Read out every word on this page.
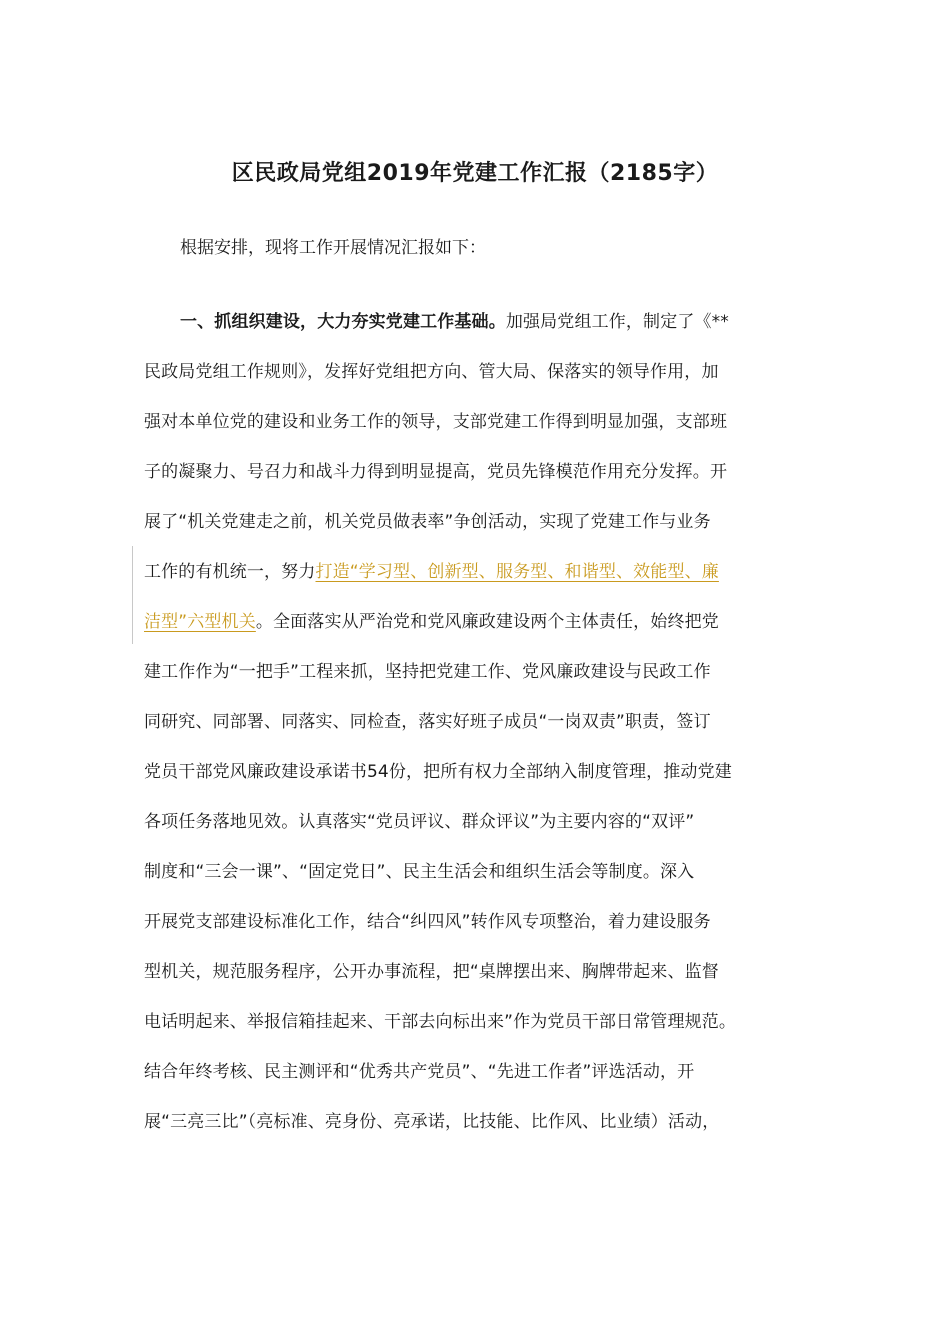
区民政局党组2019年党建工作汇报（2185字）

根据安排，现将工作开展情况汇报如下：

一、抓组织建设，大力夯实党建工作基础。加强局党组工作，制定了《**
民政局党组工作规则》，发挥好党组把方向、管大局、保落实的领导作用，加
强对本单位党的建设和业务工作的领导，支部党建工作得到明显加强，支部班
子的凝聚力、号召力和战斗力得到明显提高，党员先锋模范作用充分发挥。开
展了“机关党建走之前，机关党员做表率”争创活动，实现了党建工作与业务
工作的有机统一，努力打造“学习型、创新型、服务型、和谐型、效能型、廉
洁型”六型机关。全面落实从严治党和党风廉政建设两个主体责任，始终把党
建工作作为“一把手”工程来抓，坚持把党建工作、党风廉政建设与民政工作
同研究、同部署、同落实、同检查，落实好班子成员“一岗双责”职责，签订
党员干部党风廉政建设承诺书54份，把所有权力全部纳入制度管理，推动党建
各项任务落地见效。认真落实“党员评议、群众评议”为主要内容的“双评”
制度和“三会一课”、“固定党日”、民主生活会和组织生活会等制度。深入
开展党支部建设标准化工作，结合“纠四风”转作风专项整治，着力建设服务
型机关，规范服务程序，公开办事流程，把“桌牌摆出来、胸牌带起来、监督
电话明起来、举报信箱挂起来、干部去向标出来”作为党员干部日常管理规范。
结合年终考核、民主测评和“优秀共产党员”、“先进工作者”评选活动，开
展“三亮三比”（亮标准、亮身份、亮承诺，比技能、比作风、比业绩）活动，
